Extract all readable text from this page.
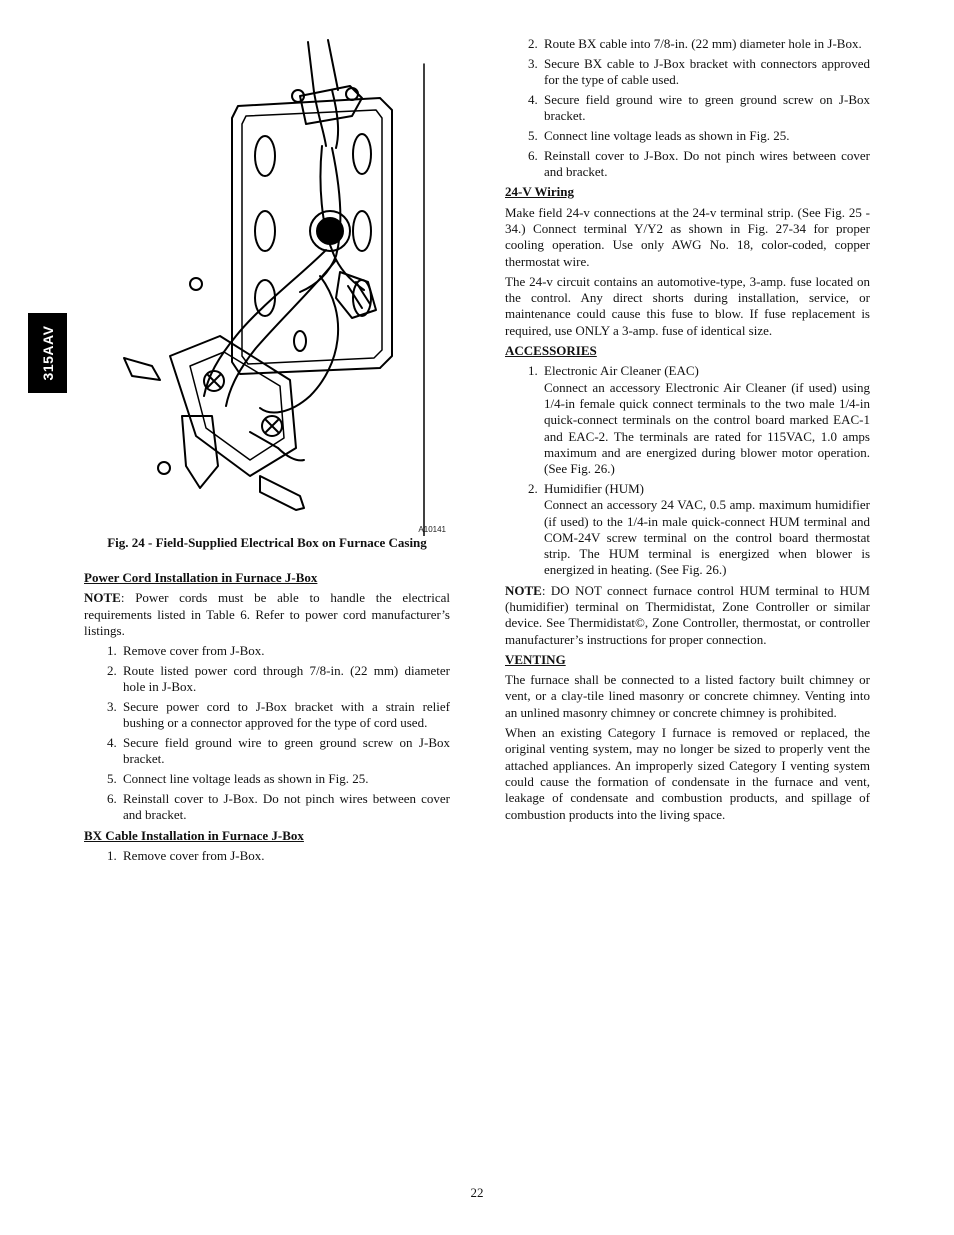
315AAV
A10141
Fig. 24 - Field-Supplied Electrical Box on Furnace Casing
Power Cord Installation in Furnace J-Box

NOTE: Power cords must be able to handle the electrical requirements listed in Table 6. Refer to power cord manufacturer’s listings.

1. Remove cover from J-Box.
2. Route listed power cord through 7/8-in. (22 mm) diameter hole in J-Box.
3. Secure power cord to J-Box bracket with a strain relief bushing or a connector approved for the type of cord used.
4. Secure field ground wire to green ground screw on J-Box bracket.
5. Connect line voltage leads as shown in Fig. 25.
6. Reinstall cover to J-Box. Do not pinch wires between cover and bracket.
BX Cable Installation in Furnace J-Box
1. Remove cover from J-Box.
2. Route BX cable into 7/8-in. (22 mm) diameter hole in J-Box.
3. Secure BX cable to J-Box bracket with connectors approved for the type of cable used.
4. Secure field ground wire to green ground screw on J-Box bracket.
5. Connect line voltage leads as shown in Fig. 25.
6. Reinstall cover to J-Box. Do not pinch wires between cover and bracket.
24-V Wiring

Make field 24-v connections at the 24-v terminal strip. (See Fig. 25 - 34.) Connect terminal Y/Y2 as shown in Fig. 27-34 for proper cooling operation. Use only AWG No. 18, color-coded, copper thermostat wire.

The 24-v circuit contains an automotive-type, 3-amp. fuse located on the control. Any direct shorts during installation, service, or maintenance could cause this fuse to blow. If fuse replacement is required, use ONLY a 3-amp. fuse of identical size.

ACCESSORIES
1. Electronic Air Cleaner (EAC)
Connect an accessory Electronic Air Cleaner (if used) using 1/4-in female quick connect terminals to the two male 1/4-in quick-connect terminals on the control board marked EAC-1 and EAC-2. The terminals are rated for 115VAC, 1.0 amps maximum and are energized during blower motor operation. (See Fig. 26.)
2. Humidifier (HUM)
Connect an accessory 24 VAC, 0.5 amp. maximum humidifier (if used) to the 1/4-in male quick-connect HUM terminal and COM-24V screw terminal on the control board thermostat strip. The HUM terminal is energized when blower is energized in heating. (See Fig. 26.)

NOTE: DO NOT connect furnace control HUM terminal to HUM (humidifier) terminal on Thermidistat, Zone Controller or similar device. See Thermidistat©, Zone Controller, thermostat, or controller manufacturer’s instructions for proper connection.

VENTING

The furnace shall be connected to a listed factory built chimney or vent, or a clay-tile lined masonry or concrete chimney. Venting into an unlined masonry chimney or concrete chimney is prohibited.

When an existing Category I furnace is removed or replaced, the original venting system, may no longer be sized to properly vent the attached appliances. An improperly sized Category I venting system could cause the formation of condensate in the furnace and vent, leakage of condensate and combustion products, and spillage of combustion products into the living space.

22
